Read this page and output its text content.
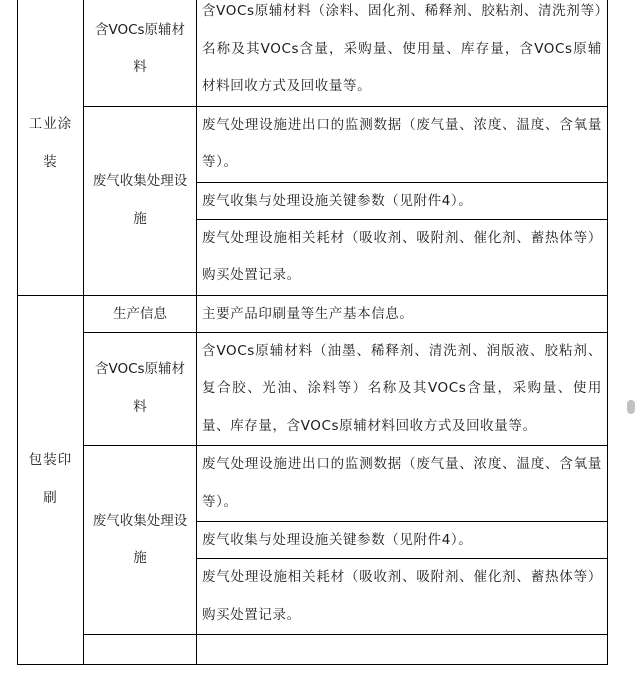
工业涂装	含VOCs原辅材料	含VOCs原辅材料（涂料、固化剂、稀释剂、胶粘剂、清洗剂等）名称及其VOCs含量，采购量、使用量、库存量，含VOCs原辅材料回收方式及回收量等。
	废气收集处理设施	废气处理设施进出口的监测数据（废气量、浓度、温度、含氧量等）。
		废气收集与处理设施关键参数（见附件4）。
		废气处理设施相关耗材（吸收剂、吸附剂、催化剂、蓄热体等）购买处置记录。
包装印刷	生产信息	主要产品印刷量等生产基本信息。
	含VOCs原辅材料	含VOCs原辅材料（油墨、稀释剂、清洗剂、润版液、胶粘剂、复合胶、光油、涂料等）名称及其VOCs含量，采购量、使用量、库存量，含VOCs原辅材料回收方式及回收量等。
	废气收集处理设施	废气处理设施进出口的监测数据（废气量、浓度、温度、含氧量等）。
		废气收集与处理设施关键参数（见附件4）。
		废气处理设施相关耗材（吸收剂、吸附剂、催化剂、蓄热体等）购买处置记录。
